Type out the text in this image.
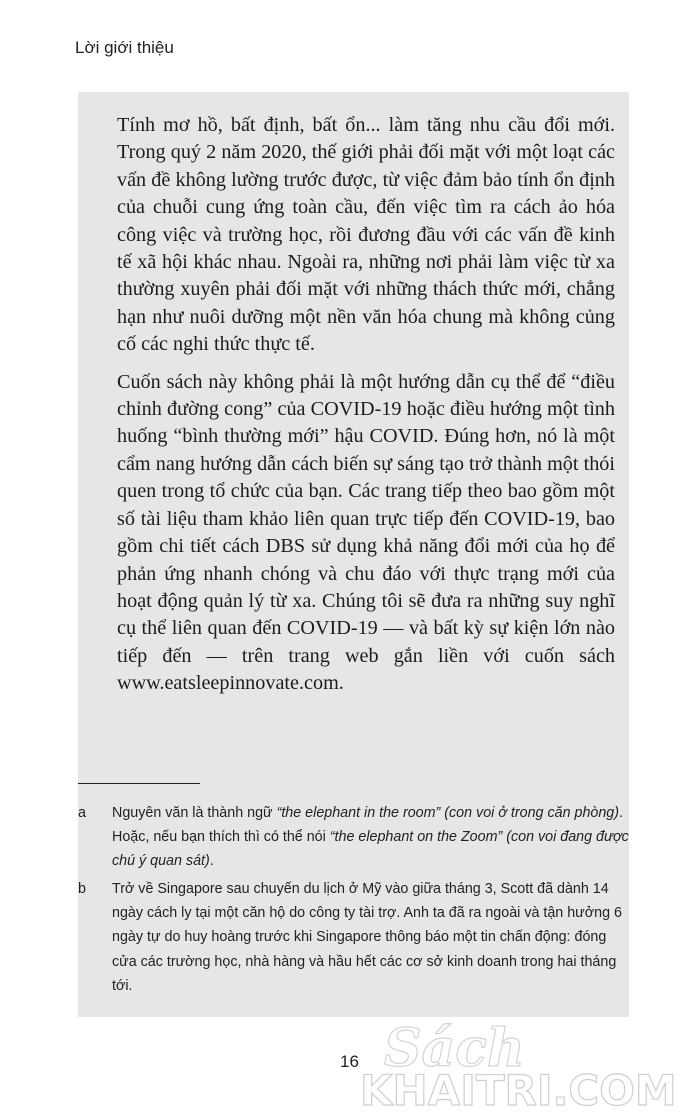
Lời giới thiệu

Tính mơ hồ, bất định, bất ổn... làm tăng nhu cầu đổi mới. Trong quý 2 năm 2020, thế giới phải đối mặt với một loạt các vấn đề không lường trước được, từ việc đảm bảo tính ổn định của chuỗi cung ứng toàn cầu, đến việc tìm ra cách ảo hóa công việc và trường học, rồi đương đầu với các vấn đề kinh tế xã hội khác nhau. Ngoài ra, những nơi phải làm việc từ xa thường xuyên phải đối mặt với những thách thức mới, chẳng hạn như nuôi dưỡng một nền văn hóa chung mà không củng cố các nghi thức thực tế.

Cuốn sách này không phải là một hướng dẫn cụ thể để “điều chỉnh đường cong” của COVID-19 hoặc điều hướng một tình huống “bình thường mới” hậu COVID. Đúng hơn, nó là một cẩm nang hướng dẫn cách biến sự sáng tạo trở thành một thói quen trong tổ chức của bạn. Các trang tiếp theo bao gồm một số tài liệu tham khảo liên quan trực tiếp đến COVID-19, bao gồm chi tiết cách DBS sử dụng khả năng đổi mới của họ để phản ứng nhanh chóng và chu đáo với thực trạng mới của hoạt động quản lý từ xa. Chúng tôi sẽ đưa ra những suy nghĩ cụ thể liên quan đến COVID-19 — và bất kỳ sự kiện lớn nào tiếp đến — trên trang web gắn liền với cuốn sách www.eatsleepinnovate.com.

a Nguyên văn là thành ngữ “the elephant in the room” (con voi ở trong căn phòng). Hoặc, nếu bạn thích thì có thể nói “the elephant on the Zoom” (con voi đang được chú ý quan sát).
b Trở về Singapore sau chuyến du lịch ở Mỹ vào giữa tháng 3, Scott đã dành 14 ngày cách ly tại một căn hộ do công ty tài trợ. Anh ta đã ra ngoài và tận hưởng 6 ngày tự do huy hoàng trước khi Singapore thông báo một tin chấn động: đóng cửa các trường học, nhà hàng và hầu hết các cơ sở kinh doanh trong hai tháng tới.
16 Sách
KHAITRI.COM
